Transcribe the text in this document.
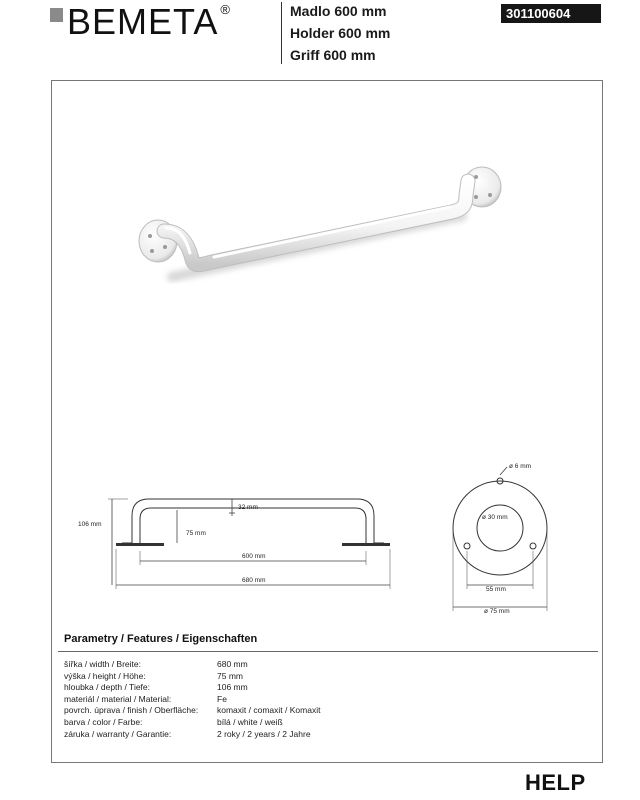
BEMETA ®	Madlo 600 mm
Holder 600 mm
Griff 600 mm
301100604
106 mm
32 mm
75 mm
600 mm
680 mm
ø 6 mm
ø 30 mm
55 mm
ø 75 mm
Parametry / Features / Eigenschaften
šířka / width / Breite:	680 mm
výška / height / Höhe:	75 mm
hloubka / depth / Tiefe:	106 mm
materiál / material / Material:	Fe
povrch. úprava / finish / Oberfläche:	komaxit / comaxit / Komaxit
barva / color / Farbe:	bílá / white / weiß
záruka / warranty / Garantie:	2 roky / 2 years / 2 Jahre
HELP
